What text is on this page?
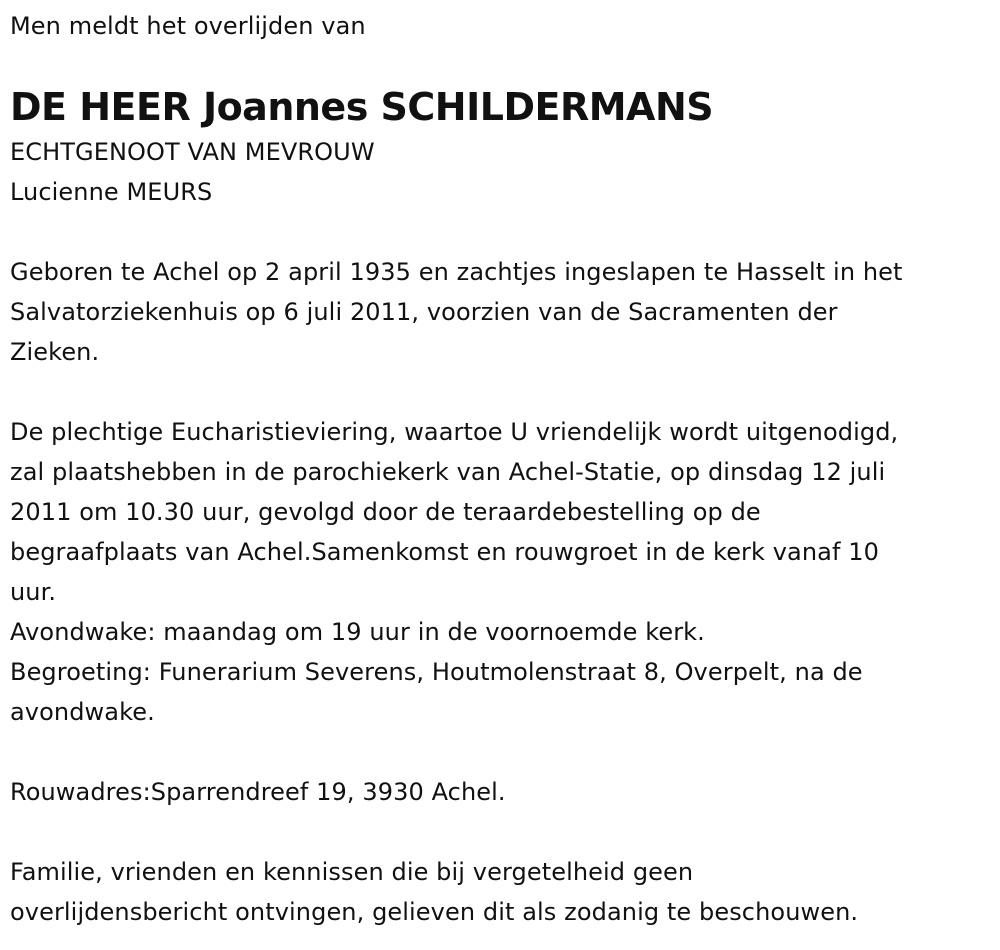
Men meldt het overlijden van
DE HEER Joannes SCHILDERMANS
ECHTGENOOT VAN MEVROUW
Lucienne MEURS
Geboren te Achel op 2 april 1935 en zachtjes ingeslapen te Hasselt in het
Salvatorziekenhuis op 6 juli 2011, voorzien van de Sacramenten der
Zieken.
De plechtige Eucharistieviering, waartoe U vriendelijk wordt uitgenodigd,
zal plaatshebben in de parochiekerk van Achel-Statie, op dinsdag 12 juli
2011 om 10.30 uur, gevolgd door de teraardebestelling op de
begraafplaats van Achel.Samenkomst en rouwgroet in de kerk vanaf 10
uur.
Avondwake: maandag om 19 uur in de voornoemde kerk.
Begroeting: Funerarium Severens, Houtmolenstraat 8, Overpelt, na de
avondwake.
Rouwadres:Sparrendreef 19, 3930 Achel.
Familie, vrienden en kennissen die bij vergetelheid geen
overlijdensbericht ontvingen, gelieven dit als zodanig te beschouwen.
